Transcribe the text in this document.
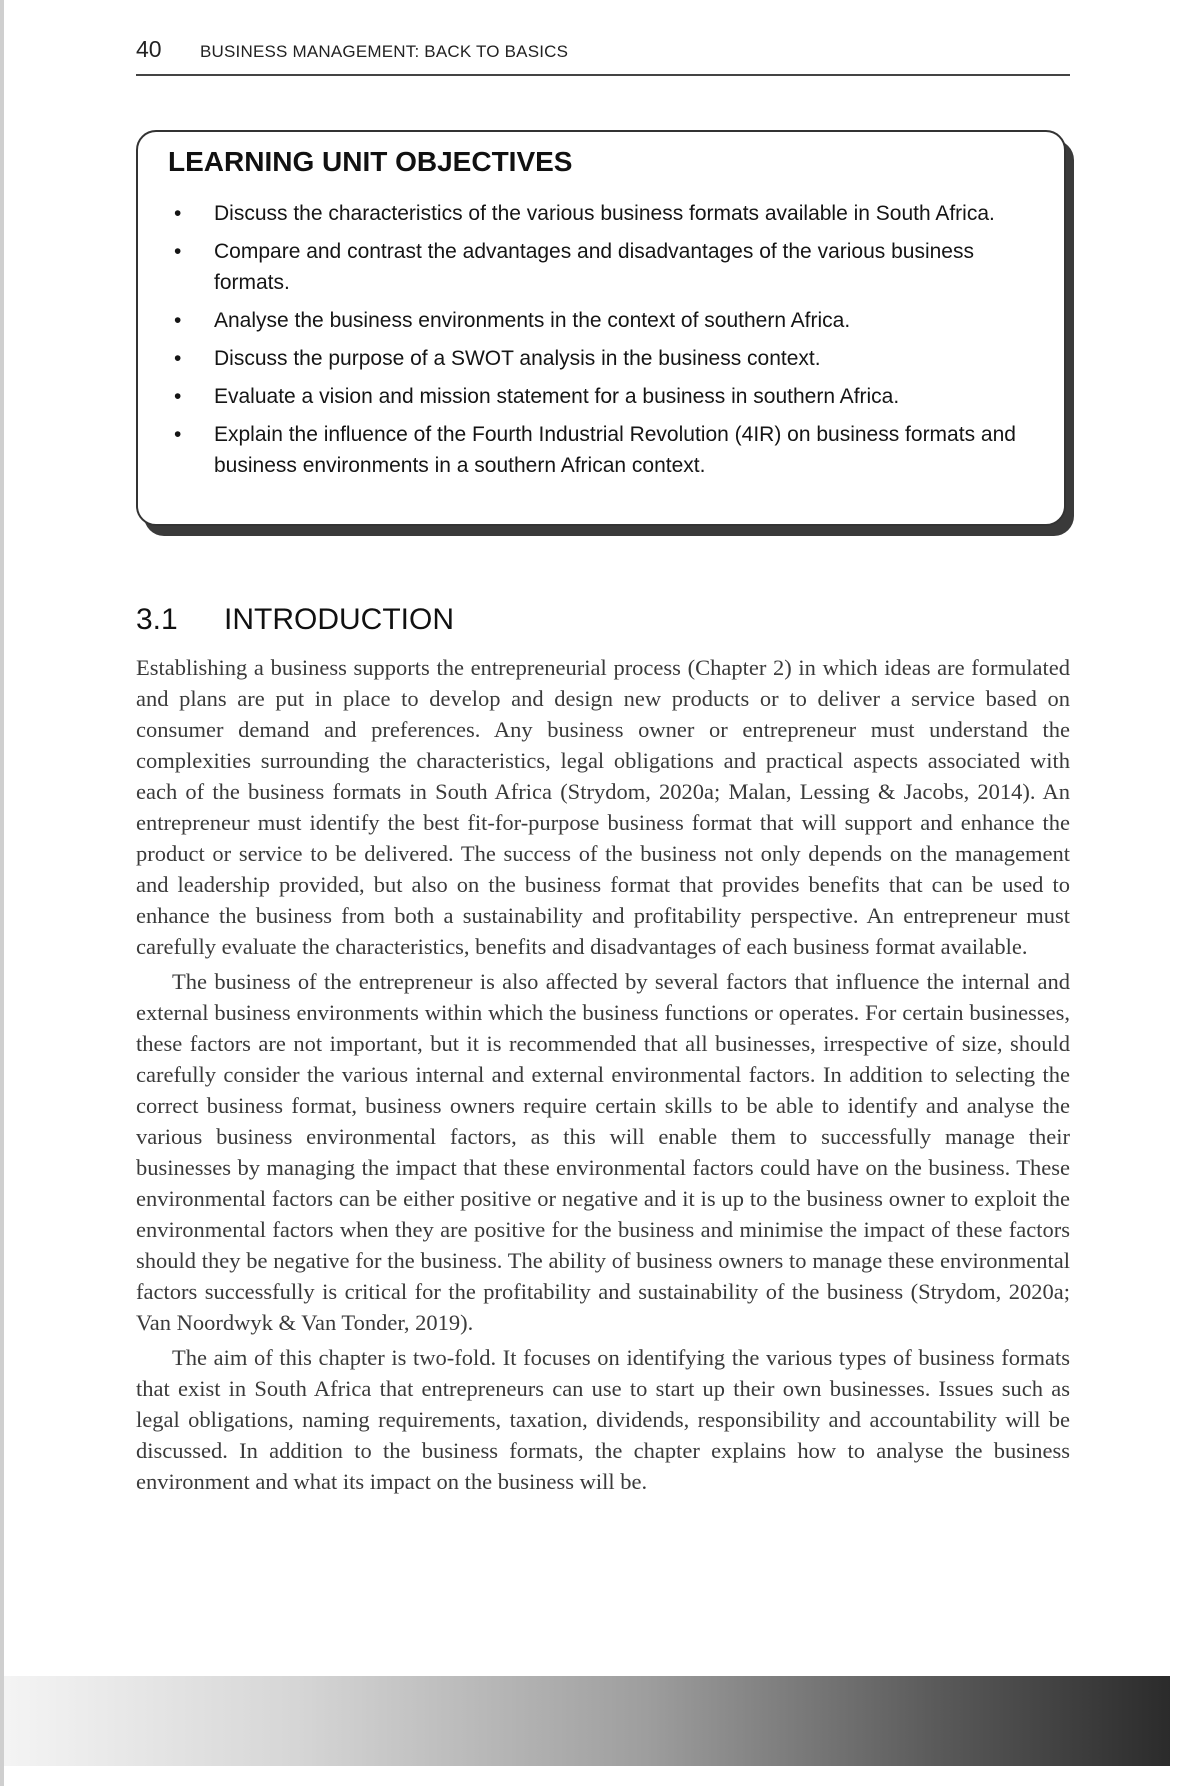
40 BUSINESS MANAGEMENT: BACK TO BASICS
LEARNING UNIT OBJECTIVES
• Discuss the characteristics of the various business formats available in South Africa.
• Compare and contrast the advantages and disadvantages of the various business formats.
• Analyse the business environments in the context of southern Africa.
• Discuss the purpose of a SWOT analysis in the business context.
• Evaluate a vision and mission statement for a business in southern Africa.
• Explain the influence of the Fourth Industrial Revolution (4IR) on business formats and business environments in a southern African context.
3.1 INTRODUCTION

Establishing a business supports the entrepreneurial process (Chapter 2) in which ideas are formulated and plans are put in place to develop and design new products or to deliver a service based on consumer demand and preferences. Any business owner or entrepreneur must understand the complexities surrounding the characteristics, legal obligations and practical aspects associated with each of the business formats in South Africa (Strydom, 2020a; Malan, Lessing & Jacobs, 2014). An entrepreneur must identify the best fit-for-purpose business format that will support and enhance the product or service to be delivered. The success of the business not only depends on the management and leadership provided, but also on the business format that provides benefits that can be used to enhance the business from both a sustainability and profitability perspective. An entrepreneur must carefully evaluate the characteristics, benefits and disadvantages of each business format available.

The business of the entrepreneur is also affected by several factors that influence the internal and external business environments within which the business functions or operates. For certain businesses, these factors are not important, but it is recommended that all businesses, irrespective of size, should carefully consider the various internal and external environmental factors. In addition to selecting the correct business format, business owners require certain skills to be able to identify and analyse the various business environmental factors, as this will enable them to successfully manage their businesses by managing the impact that these environmental factors could have on the business. These environmental factors can be either positive or negative and it is up to the business owner to exploit the environmental factors when they are positive for the business and minimise the impact of these factors should they be negative for the business. The ability of business owners to manage these environmental factors successfully is critical for the profitability and sustainability of the business (Strydom, 2020a; Van Noordwyk & Van Tonder, 2019).

The aim of this chapter is two-fold. It focuses on identifying the various types of business formats that exist in South Africa that entrepreneurs can use to start up their own businesses. Issues such as legal obligations, naming requirements, taxation, dividends, responsibility and accountability will be discussed. In addition to the business formats, the chapter explains how to analyse the business environment and what its impact on the business will be.
